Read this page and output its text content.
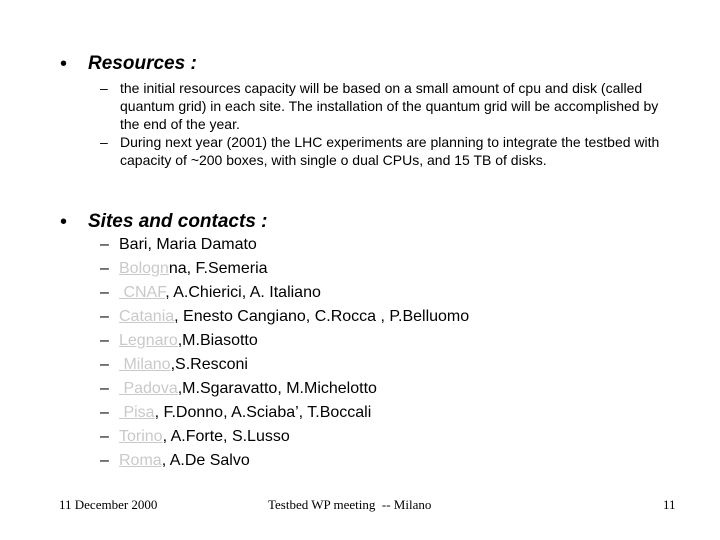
• Resources :
– the initial resources capacity will be based on a small amount of cpu and disk (called quantum grid) in each site. The installation of the quantum grid will be accomplished by the end of the year.
– During next year (2001) the LHC experiments are planning to integrate the testbed with capacity of ~200 boxes, with single o dual CPUs, and 15 TB of disks.
• Sites and contacts :
– Bari, Maria Damato
– Bolognna, F.Semeria
– CNAF, A.Chierici, A. Italiano
– Catania, Enesto Cangiano, C.Rocca , P.Belluomo
– Legnaro,M.Biasotto
– Milano,S.Resconi
– Padova,M.Sgaravatto, M.Michelotto
– Pisa, F.Donno, A.Sciaba’, T.Boccali
– Torino, A.Forte, S.Lusso
– Roma, A.De Salvo
11 December 2000	Testbed WP meeting  -- Milano	11
